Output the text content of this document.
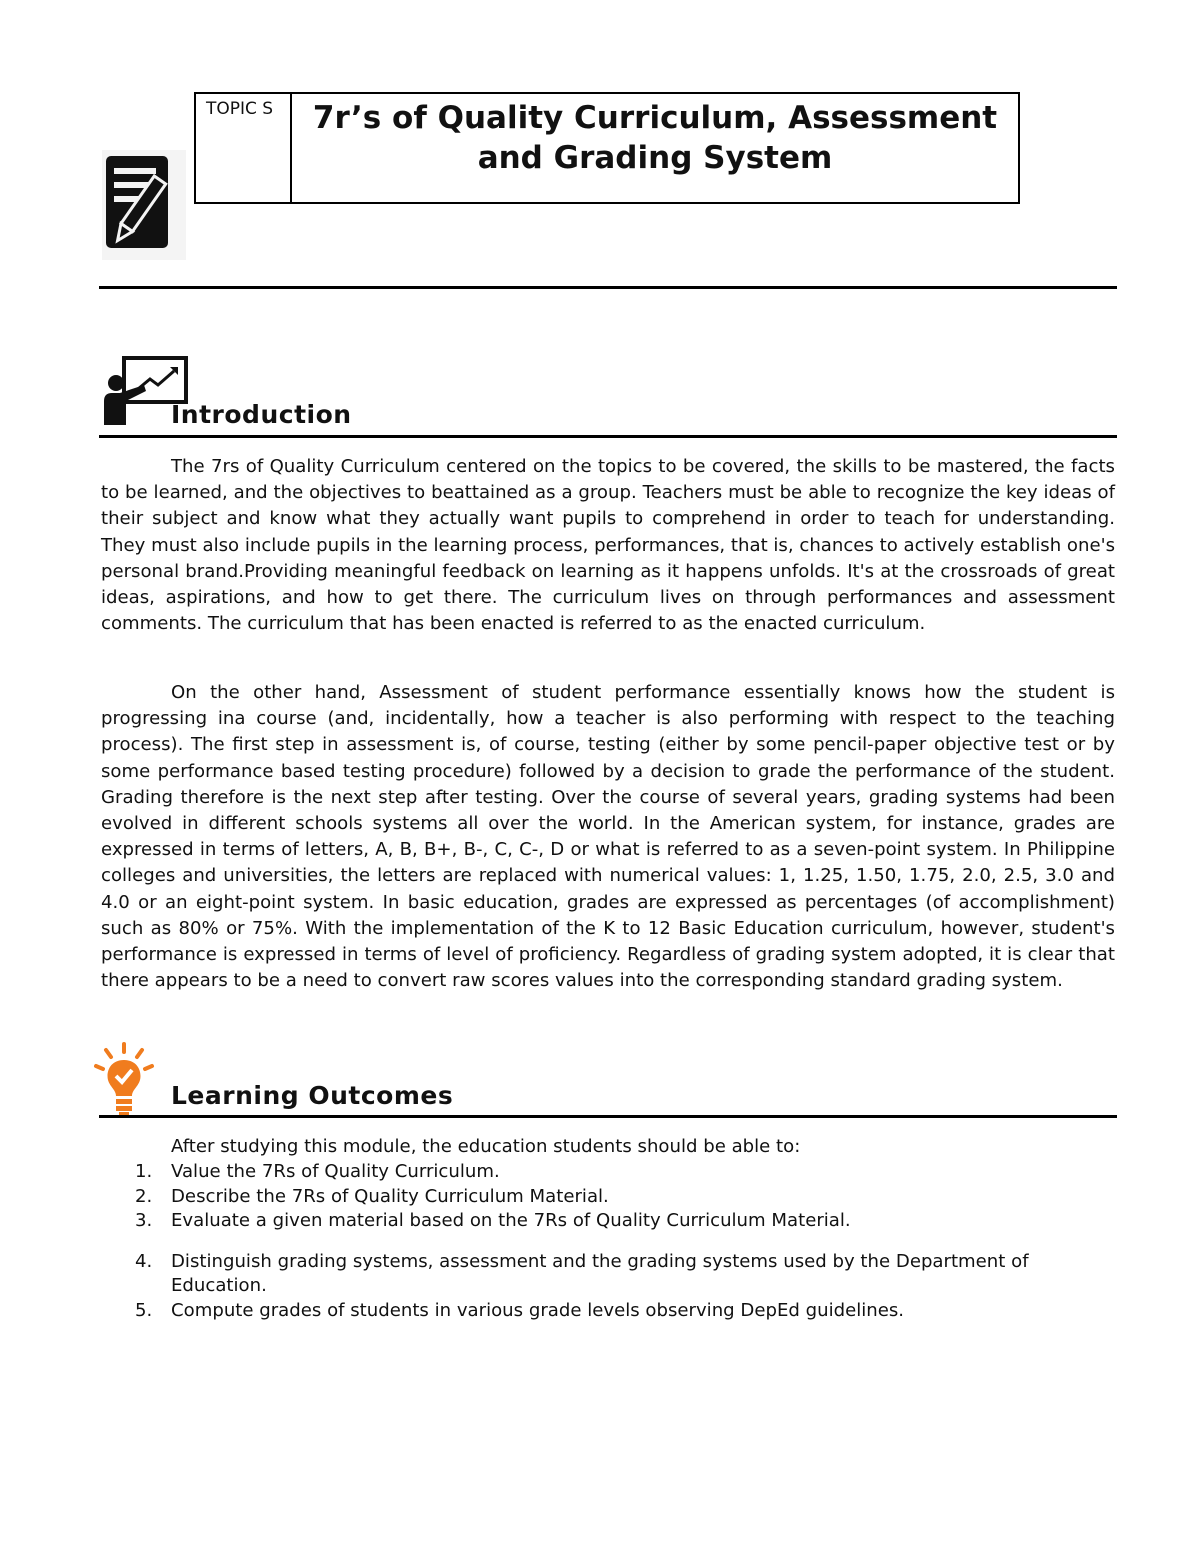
TOPIC S	7r’s of Quality Curriculum, Assessment
and Grading System
Introduction
The 7rs of Quality Curriculum centered on the topics to be covered, the skills to be mastered, the facts to be learned, and the objectives to beattained as a group. Teachers must be able to recognize the key ideas of their subject and know what they actually want pupils to comprehend in order to teach for understanding. They must also include pupils in the learning process, performances, that is, chances to actively establish one's personal brand.Providing meaningful feedback on learning as it happens unfolds. It's at the crossroads of great ideas, aspirations, and how to get there. The curriculum lives on through performances and assessment comments. The curriculum that has been enacted is referred to as the enacted curriculum.
On the other hand, Assessment of student performance essentially knows how the student is progressing ina course (and, incidentally, how a teacher is also performing with respect to the teaching process). The first step in assessment is, of course, testing (either by some pencil-paper objective test or by some performance based testing procedure) followed by a decision to grade the performance of the student. Grading therefore is the next step after testing. Over the course of several years, grading systems had been evolved in different schools systems all over the world. In the American system, for instance, grades are expressed in terms of letters, A, B, B+, B-, C, C-, D or what is referred to as a seven-point system. In Philippine colleges and universities, the letters are replaced with numerical values: 1, 1.25, 1.50, 1.75, 2.0, 2.5, 3.0 and 4.0 or an eight-point system. In basic education, grades are expressed as percentages (of accomplishment) such as 80% or 75%. With the implementation of the K to 12 Basic Education curriculum, however, student's performance is expressed in terms of level of proficiency. Regardless of grading system adopted, it is clear that there appears to be a need to convert raw scores values into the corresponding standard grading system.
Learning Outcomes
After studying this module, the education students should be able to:
1.	Value the 7Rs of Quality Curriculum.
2.	Describe the 7Rs of Quality Curriculum Material.
3.	Evaluate a given material based on the 7Rs of Quality Curriculum Material.
4.	Distinguish grading systems, assessment and the grading systems used by the Department of Education.
5.	Compute grades of students in various grade levels observing DepEd guidelines.
